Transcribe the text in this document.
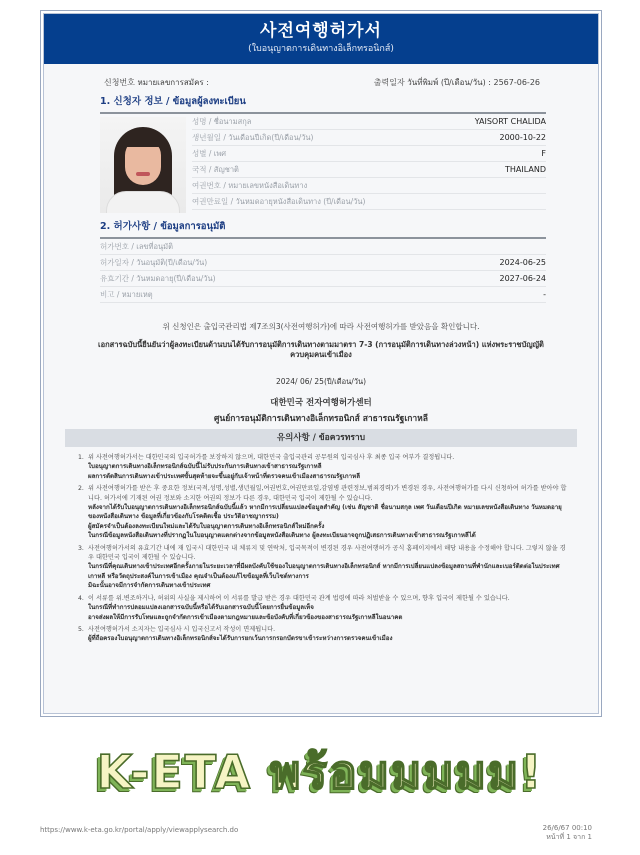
사전여행허가서
(ใบอนุญาตการเดินทางอิเล็กทรอนิกส์)
신청번호 หมายเลขการสมัคร :	출력일자 วันที่พิมพ์ (ปี/เดือน/วัน) : 2567-06-26
1. 신청자 정보 / ข้อมูลผู้ลงทะเบียน
성명 / ชื่อนามสกุล	YAISORT CHALIDA
생년월일 / วันเดือนปีเกิด(ปี/เดือน/วัน)	2000-10-22
성별 / เพศ	F
국적 / สัญชาติ	THAILAND
여권번호 / หมายเลขหนังสือเดินทาง
여권만료일 / วันหมดอายุหนังสือเดินทาง (ปี/เดือน/วัน)
2. 허가사항 / ข้อมูลการอนุมัติ
허가번호 / เลขที่อนุมัติ
허가일자 / วันอนุมัติ(ปี/เดือน/วัน)	2024-06-25
유효기간 / วันหมดอายุ(ปี/เดือน/วัน)	2027-06-24
비고 / หมายเหตุ	-
위 신청인은 출입국관리법 제7조의3(사전여행허가)에 따라 사전여행허가를 받았음을 확인합니다.
เอกสารฉบับนี้ยืนยันว่าผู้ลงทะเบียนด้านบนได้รับการอนุมัติการเดินทางตามมาตรา 7-3 (การอนุมัติการเดินทางล่วงหน้า) แห่งพระราชบัญญัติควบคุมคนเข้าเมือง
2024/ 06/ 25(ปี/เดือน/วัน)
대한민국 전자여행허가센터
ศูนย์การอนุมัติการเดินทางอิเล็กทรอนิกส์ สาธารณรัฐเกาหลี
유의사항 / ข้อควรทราบ
1. 위 사전여행허가서는 대한민국의 입국허가를 보장하지 않으며, 대한민국 출입국관리 공무원의 입국심사 후 최종 입국 여부가 결정됩니다.

ใบอนุญาตการเดินทางอิเล็กทรอนิกส์ฉบับนี้ไม่รับประกันการเดินทางเข้าสาธารณรัฐเกาหลี

ผลการตัดสินการเดินทางเข้าประเทศขั้นสุดท้ายจะขึ้นอยู่กับเจ้าหน้าที่ตรวจคนเข้าเมืองสาธารณรัฐเกาหลี

2. 위 사전여행허가를 받은 후 중요한 정보(국적,성명,성별,생년월일,여권번호,여권만료일,감염병 관련정보,범죄경력)가 변경된 경우, 사전여행허가를 다시 신청하여 허가를 받아야 합니다. 허가서에 기재된 여권 정보와 소지한 여권의 정보가 다른 경우, 대한민국 입국이 제한될 수 있습니다.

หลังจากได้รับใบอนุญาตการเดินทางอิเล็กทรอนิกส์ฉบับนี้แล้ว หากมีการเปลี่ยนแปลงข้อมูลสำคัญ (เช่น สัญชาติ ชื่อนามสกุล เพศ วันเดือนปีเกิด หมายเลขหนังสือเดินทาง วันหมดอายุของหนังสือเดินทาง ข้อมูลที่เกี่ยวข้องกับโรคติดเชื้อ ประวัติอาชญากรรม)

ผู้สมัครจำเป็นต้องลงทะเบียนใหม่และได้รับใบอนุญาตการเดินทางอิเล็กทรอนิกส์ใหม่อีกครั้ง

ในกรณีข้อมูลหนังสือเดินทางที่ปรากฏในใบอนุญาตแตกต่างจากข้อมูลหนังสือเดินทาง ผู้ลงทะเบียนอาจถูกปฏิเสธการเดินทางเข้าสาธารณรัฐเกาหลีได้

3. 사전여행허가서의 유효기간 내에 재 입국시 대한민국 내 체류지 및 연락처, 입국목적이 변경된 경우 사전여행허가 공식 홈페이지에서 해당 내용을 수정해야 합니다. 그렇지 않을 경우 대한민국 입국이 제한될 수 있습니다.

ในกรณีที่คุณเดินทางเข้าประเทศอีกครั้งภายในระยะเวลาที่มีผลบังคับใช้ของใบอนุญาตการเดินทางอิเล็กทรอนิกส์ หากมีการเปลี่ยนแปลงข้อมูลสถานที่พำนักและเบอร์ติดต่อในประเทศเกาหลี หรือวัตถุประสงค์ในการเข้าเมือง คุณจำเป็นต้องแก้ไขข้อมูลที่เว็บไซต์ทางการ

มิฉะนั้นอาจมีการจำกัดการเดินทางเข้าประเทศ

4. 이 서류를 위.변조하거나, 허위의 사실을 제시하여 이 서류를 발급 받은 경우 대한민국 관계 법령에 따라 처벌받을 수 있으며, 향후 입국이 제한될 수 있습니다.

ในกรณีที่ทำการปลอมแปลงเอกสารฉบับนี้หรือได้รับเอกสารฉบับนี้โดยการยื่นข้อมูลเท็จ

อาจส่งผลให้มีการรับโทษและถูกจำกัดการเข้าเมืองตามกฎหมายและข้อบังคับที่เกี่ยวข้องของสาธารณรัฐเกาหลีในอนาคต

5. 사전여행허가서 소지자는 입국심사 시 입국신고서 작성이 면제됩니다.

ผู้ที่ถือครองใบอนุญาตการเดินทางอิเล็กทรอนิกส์จะได้รับการยกเว้นการกรอกบัตรขาเข้าระหว่างการตรวจคนเข้าเมือง

K-ETA พร้อมมมมม!
https://www.k-eta.go.kr/portal/apply/viewapplysearch.do	26/6/67 00:10
หน้าที่ 1 จาก 1
